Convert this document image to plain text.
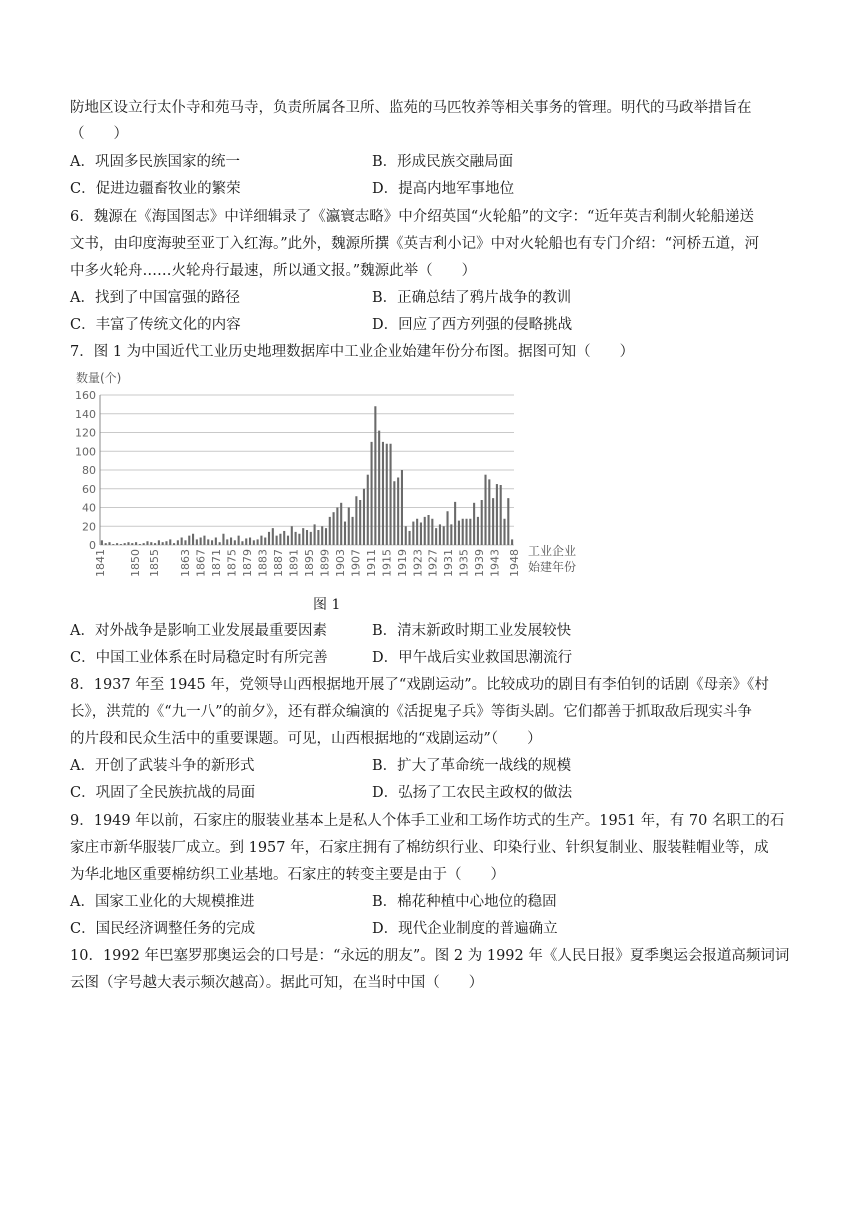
防地区设立行太仆寺和苑马寺，负责所属各卫所、监苑的马匹牧养等相关事务的管理。明代的马政举措旨在
（　　）
A．巩固多民族国家的统一	B．形成民族交融局面
C．促进边疆畜牧业的繁荣	D．提高内地军事地位
6．魏源在《海国图志》中详细辑录了《瀛寰志略》中介绍英国“火轮船”的文字：“近年英吉利制火轮船递送
文书，由印度海驶至亚丁入红海。”此外，魏源所撰《英吉利小记》中对火轮船也有专门介绍：“河桥五道，河
中多火轮舟……火轮舟行最速，所以通文报。”魏源此举（　　）
A．找到了中国富强的路径	B．正确总结了鸦片战争的教训
C．丰富了传统文化的内容	D．回应了西方列强的侵略挑战
7．图 1 为中国近代工业历史地理数据库中工业企业始建年份分布图。据图可知（　　）
数量(个)
0
20
40
60
80
100
120
140
160
1841 1850 1855 1863 1867 1871 1875 1879 1883 1887 1891 1895 1899 1903 1907 1911 1915 1919 1923 1927 1931 1935 1939 1943 1948 工业企业
始建年份
图 1
A．对外战争是影响工业发展最重要因素	B．清末新政时期工业发展较快
C．中国工业体系在时局稳定时有所完善	D．甲午战后实业救国思潮流行
8．1937 年至 1945 年，党领导山西根据地开展了“戏剧运动”。比较成功的剧目有李伯钊的话剧《母亲》《村
长》，洪荒的《“九一八”的前夕》，还有群众编演的《活捉鬼子兵》等街头剧。它们都善于抓取敌后现实斗争
的片段和民众生活中的重要课题。可见，山西根据地的“戏剧运动”（　　）
A．开创了武装斗争的新形式	B．扩大了革命统一战线的规模
C．巩固了全民族抗战的局面	D．弘扬了工农民主政权的做法
9．1949 年以前，石家庄的服装业基本上是私人个体手工业和工场作坊式的生产。1951 年，有 70 名职工的石
家庄市新华服装厂成立。到 1957 年，石家庄拥有了棉纺织行业、印染行业、针织复制业、服装鞋帽业等，成
为华北地区重要棉纺织工业基地。石家庄的转变主要是由于（　　）
A．国家工业化的大规模推进	B．棉花种植中心地位的稳固
C．国民经济调整任务的完成	D．现代企业制度的普遍确立
10．1992 年巴塞罗那奥运会的口号是：“永远的朋友”。图 2 为 1992 年《人民日报》夏季奥运会报道高频词词
云图（字号越大表示频次越高）。据此可知，在当时中国（　　）
